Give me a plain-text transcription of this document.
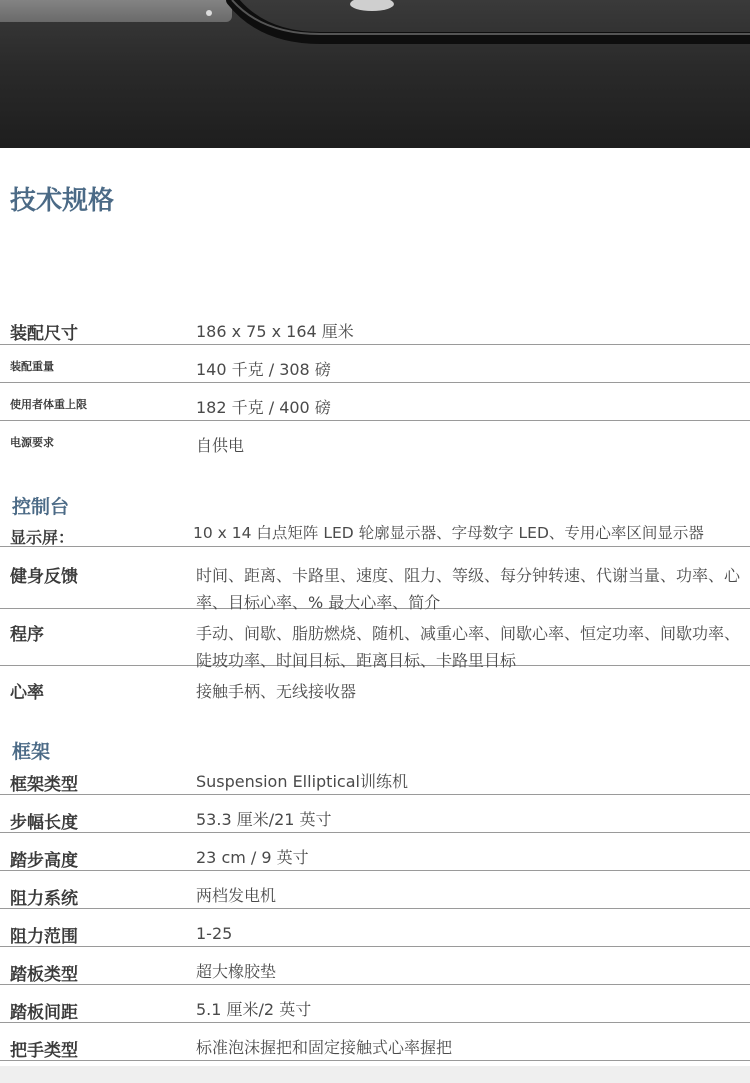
技术规格
装配尺寸	186 x 75 x 164 厘米
装配重量	140 千克 / 308 磅
使用者体重上限	182 千克 / 400 磅
电源要求	自供电
控制台
显示屏：	10 x 14 白点矩阵 LED 轮廓显示器、字母数字 LED、专用心率区间显示器
健身反馈	时间、距离、卡路里、速度、阻力、等级、每分钟转速、代谢当量、功率、心率、目标心率、% 最大心率、简介
程序	手动、间歇、脂肪燃烧、随机、减重心率、间歇心率、恒定功率、间歇功率、陡坡功率、时间目标、距离目标、卡路里目标
心率	接触手柄、无线接收器
框架
框架类型	Suspension Elliptical训练机
步幅长度	53.3 厘米/21 英寸
踏步高度	23 cm / 9 英寸
阻力系统	两档发电机
阻力范围	1-25
踏板类型	超大橡胶垫
踏板间距	5.1 厘米/2 英寸
把手类型	标准泡沫握把和固定接触式心率握把
